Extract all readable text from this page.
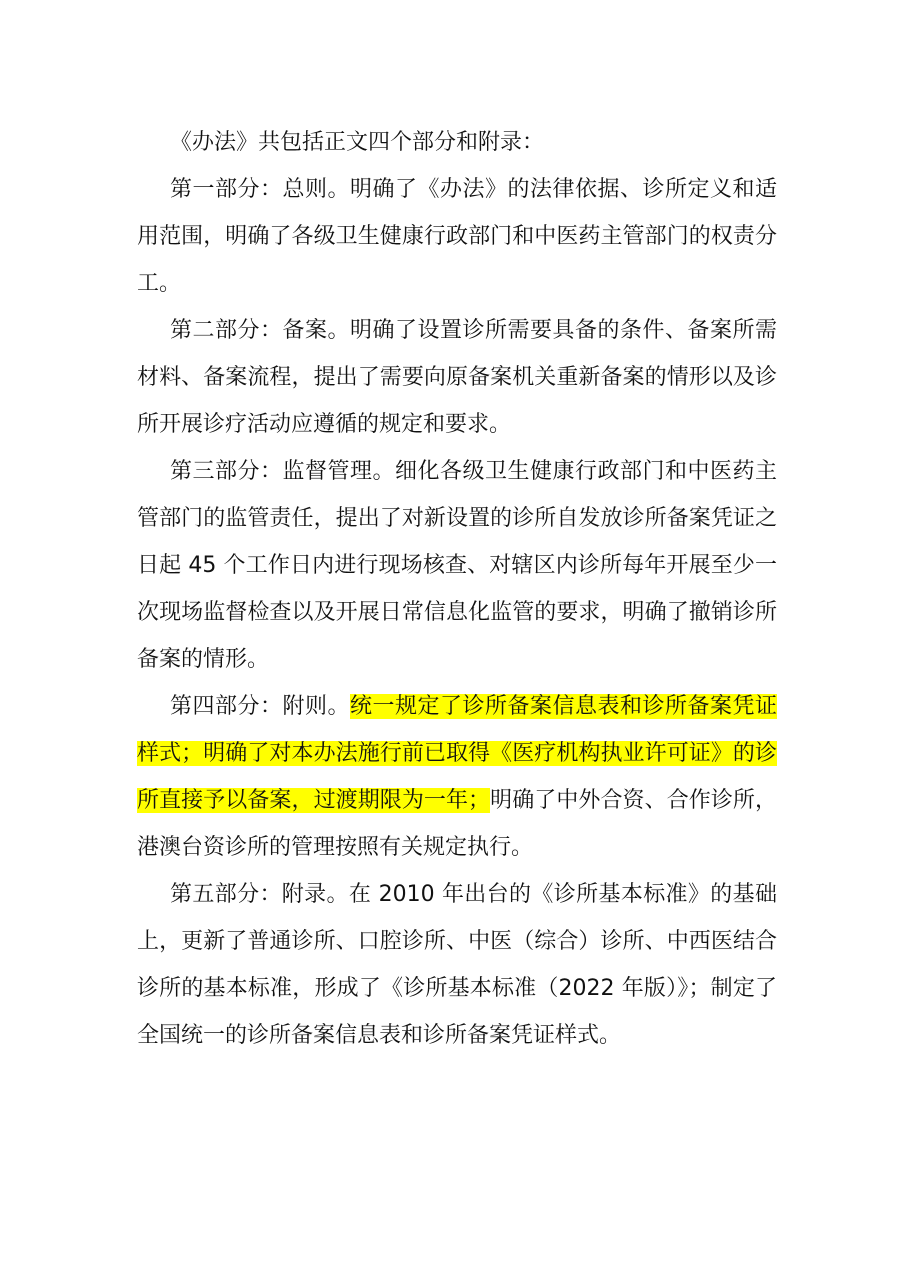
《办法》共包括正文四个部分和附录：

第一部分：总则。明确了《办法》的法律依据、诊所定义和适用范围，明确了各级卫生健康行政部门和中医药主管部门的权责分工。

第二部分：备案。明确了设置诊所需要具备的条件、备案所需材料、备案流程，提出了需要向原备案机关重新备案的情形以及诊所开展诊疗活动应遵循的规定和要求。

第三部分：监督管理。细化各级卫生健康行政部门和中医药主管部门的监管责任，提出了对新设置的诊所自发放诊所备案凭证之日起 45 个工作日内进行现场核查、对辖区内诊所每年开展至少一次现场监督检查以及开展日常信息化监管的要求，明确了撤销诊所备案的情形。

第四部分：附则。统一规定了诊所备案信息表和诊所备案凭证样式；明确了对本办法施行前已取得《医疗机构执业许可证》的诊所直接予以备案，过渡期限为一年；明确了中外合资、合作诊所，港澳台资诊所的管理按照有关规定执行。

第五部分：附录。在 2010 年出台的《诊所基本标准》的基础上，更新了普通诊所、口腔诊所、中医（综合）诊所、中西医结合诊所的基本标准，形成了《诊所基本标准（2022 年版）》；制定了全国统一的诊所备案信息表和诊所备案凭证样式。
